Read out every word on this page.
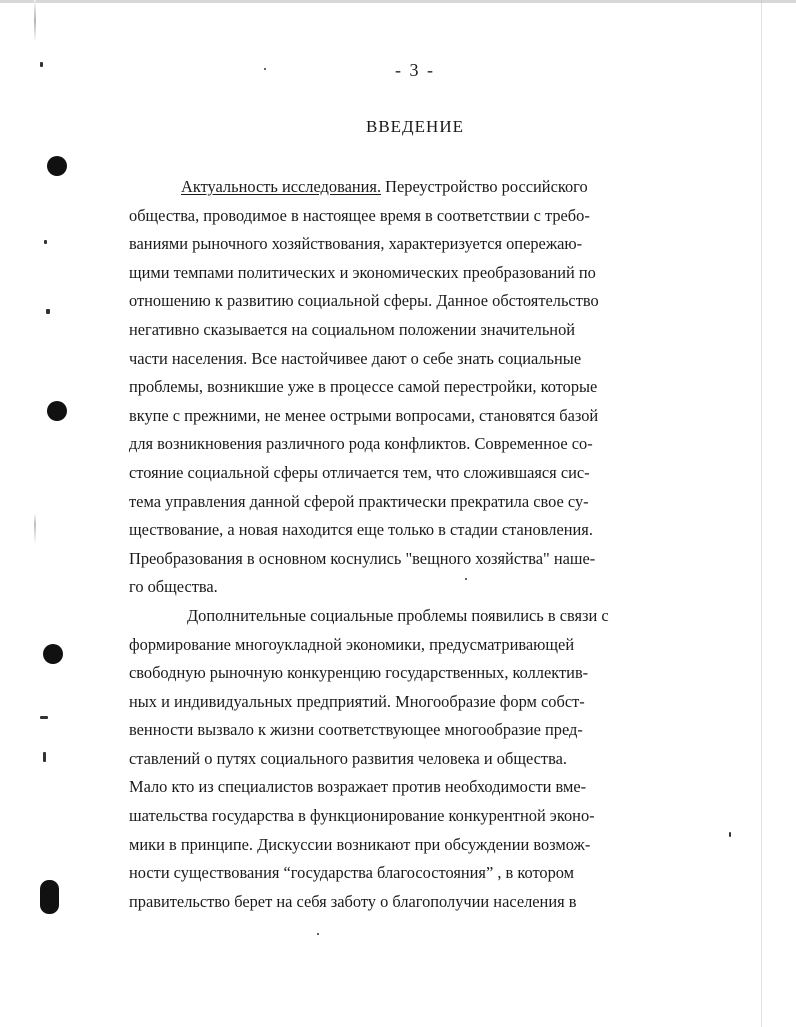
- 3 -
ВВЕДЕНИЕ
Актуальность исследования. Переустройство российского
общества, проводимое в настоящее время в соответствии с требо-
ваниями рыночного хозяйствования, характеризуется опережаю-
щими темпами политических и экономических преобразований по
отношению к развитию социальной сферы. Данное обстоятельство
негативно сказывается на социальном положении значительной
части населения. Все настойчивее дают о себе знать социальные
проблемы, возникшие уже в процессе самой перестройки, которые
вкупе с прежними, не менее острыми вопросами, становятся базой
для возникновения различного рода конфликтов. Современное со-
стояние социальной сферы отличается тем, что сложившаяся сис-
тема управления данной сферой практически прекратила свое су-
ществование, а новая находится еще только в стадии становления.
Преобразования в основном коснулись "вещного хозяйства" наше-
го общества.
Дополнительные социальные проблемы появились в связи с
формирование многоукладной экономики, предусматривающей
свободную рыночную конкуренцию государственных, коллектив-
ных и индивидуальных предприятий. Многообразие форм собст-
венности вызвало к жизни соответствующее многообразие пред-
ставлений о путях социального развития человека и общества.
Мало кто из специалистов возражает против необходимости вме-
шательства государства в функционирование конкурентной эконо-
мики в принципе. Дискуссии возникают при обсуждении возмож-
ности существования “государства благосостояния” , в котором
правительство берет на себя заботу о благополучии населения в
